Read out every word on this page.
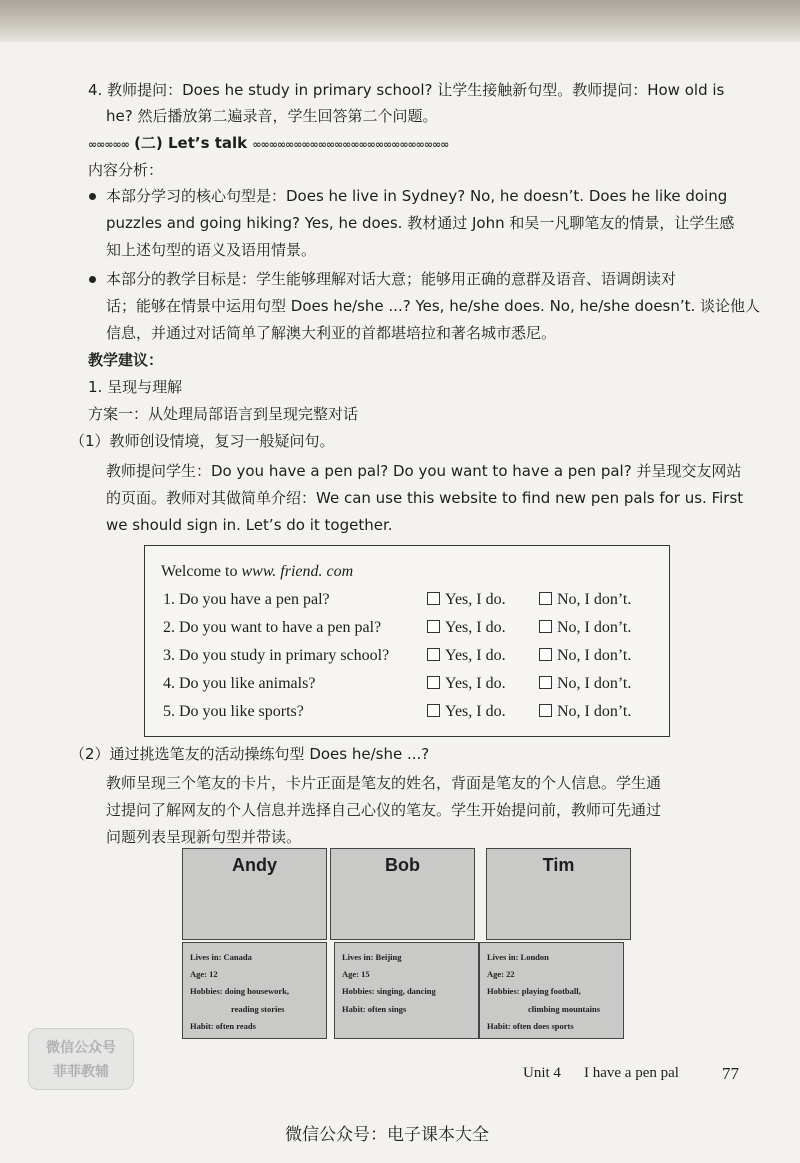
4. 教师提问：Does he study in primary school? 让学生接触新句型。教师提问：How old is
he? 然后播放第二遍录音，学生回答第二个问题。
∞∞∞∞∞ (二) Let’s talk ∞∞∞∞∞∞∞∞∞∞∞∞∞∞∞∞∞∞∞∞∞∞∞∞
内容分析：
本部分学习的核心句型是：Does he live in Sydney? No, he doesn’t. Does he like doing
puzzles and going hiking? Yes, he does. 教材通过 John 和吴一凡聊笔友的情景，让学生感
知上述句型的语义及语用情景。
本部分的教学目标是：学生能够理解对话大意；能够用正确的意群及语音、语调朗读对
话；能够在情景中运用句型 Does he/she ...? Yes, he/she does. No, he/she doesn’t. 谈论他人
信息，并通过对话简单了解澳大利亚的首都堪培拉和著名城市悉尼。
教学建议：
1. 呈现与理解
方案一：从处理局部语言到呈现完整对话
（1）教师创设情境，复习一般疑问句。
教师提问学生：Do you have a pen pal? Do you want to have a pen pal? 并呈现交友网站
的页面。教师对其做简单介绍：We can use this website to find new pen pals for us. First
we should sign in. Let’s do it together.
Welcome to www. friend. com
1. Do you have a pen pal?	Yes, I do.	No, I don’t.
2. Do you want to have a pen pal?	Yes, I do.	No, I don’t.
3. Do you study in primary school?	Yes, I do.	No, I don’t.
4. Do you like animals?	Yes, I do.	No, I don’t.
5. Do you like sports?	Yes, I do.	No, I don’t.
（2）通过挑选笔友的活动操练句型 Does he/she ...?
教师呈现三个笔友的卡片，卡片正面是笔友的姓名，背面是笔友的个人信息。学生通
过提问了解网友的个人信息并选择自己心仪的笔友。学生开始提问前，教师可先通过
问题列表呈现新句型并带读。
Andy	Bob	Tim
Lives in: Canada
Age: 12
Hobbies: doing housework,
reading stories
Habit: often reads
Lives in: Beijing
Age: 15
Hobbies: singing, dancing
Habit: often sings
Lives in: London
Age: 22
Hobbies: playing football,
climbing mountains
Habit: often does sports
Unit 4 I have a pen pal	77
微信公众号：电子课本大全
微信公众号
菲菲教辅
